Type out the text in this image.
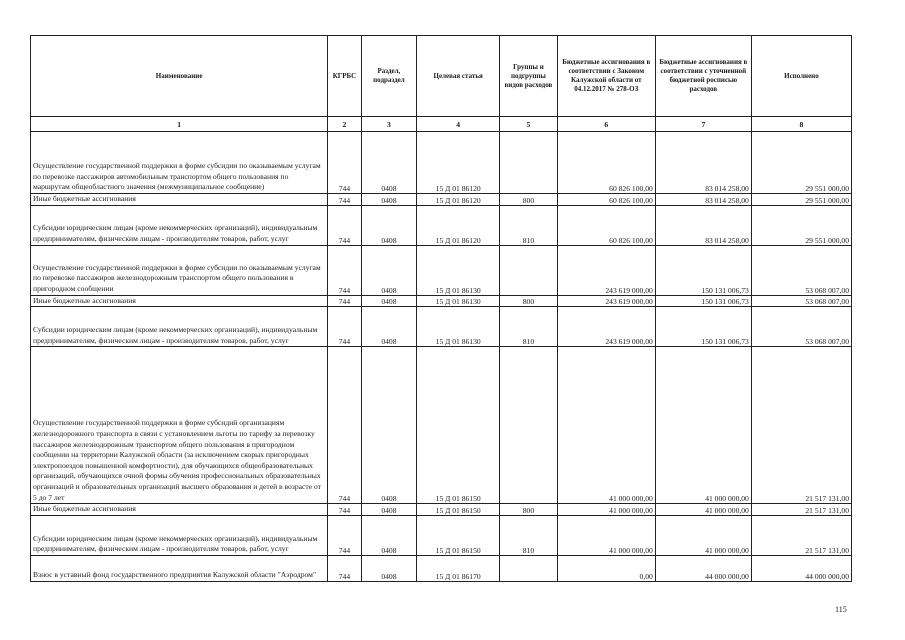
Наименование	КГРБС	Раздел, подраздел	Целевая статья	Группы и подгруппы видов расходов	Бюджетные ассигнования в соответствии с Законом Калужской области от 04.12.2017 № 278-ОЗ	Бюджетные ассигнования в соответствии с уточненной бюджетной росписью расходов	Исполнено
1	2	3	4	5	6	7	8
Осуществление государственной поддержки в форме субсидии по оказываемым услугам по перевозке пассажиров автомобильным транспортом общего пользования по маршрутам общеобластного значения (межмуниципальное сообщение)	744	0408	15 Д 01 86120		60 826 100,00	83 014 258,00	29 551 000,00
Иные бюджетные ассигнования	744	0408	15 Д 01 86120	800	60 826 100,00	83 014 258,00	29 551 000,00
Субсидии юридическим лицам (кроме некоммерческих организаций), индивидуальным предпринимателям, физическим лицам - производителям товаров, работ, услуг	744	0408	15 Д 01 86120	810	60 826 100,00	83 014 258,00	29 551 000,00
Осуществление государственной поддержки в форме субсидии по оказываемым услугам по перевозке пассажиров железнодорожным транспортом общего пользования в пригородном сообщении	744	0408	15 Д 01 86130		243 619 000,00	150 131 006,73	53 068 007,00
Иные бюджетные ассигнования	744	0408	15 Д 01 86130	800	243 619 000,00	150 131 006,73	53 068 007,00
Субсидии юридическим лицам (кроме некоммерческих организаций), индивидуальным предпринимателям, физическим лицам - производителям товаров, работ, услуг	744	0408	15 Д 01 86130	810	243 619 000,00	150 131 006,73	53 068 007,00
Осуществление государственной поддержки в форме субсидий организациям железнодорожного транспорта в связи с установлением льготы по тарифу за перевозку пассажиров железнодорожным транспортом общего пользования в пригородном сообщении на территории Калужской области (за исключением скорых пригородных электропоездов повышенной комфортности), для обучающихся общеобразовательных организаций, обучающихся очной формы обучения профессиональных образовательных организаций и образовательных организаций высшего образования и детей в возрасте от 5 до 7 лет	744	0408	15 Д 01 86150		41 000 000,00	41 000 000,00	21 517 131,00
Иные бюджетные ассигнования	744	0408	15 Д 01 86150	800	41 000 000,00	41 000 000,00	21 517 131,00
Субсидии юридическим лицам (кроме некоммерческих организаций), индивидуальным предпринимателям, физическим лицам - производителям товаров, работ, услуг	744	0408	15 Д 01 86150	810	41 000 000,00	41 000 000,00	21 517 131,00
Взнос в уставный фонд государственного предприятия Калужской области "Аэродром"	744	0408	15 Д 01 86170		0,00	44 000 000,00	44 000 000,00
115
